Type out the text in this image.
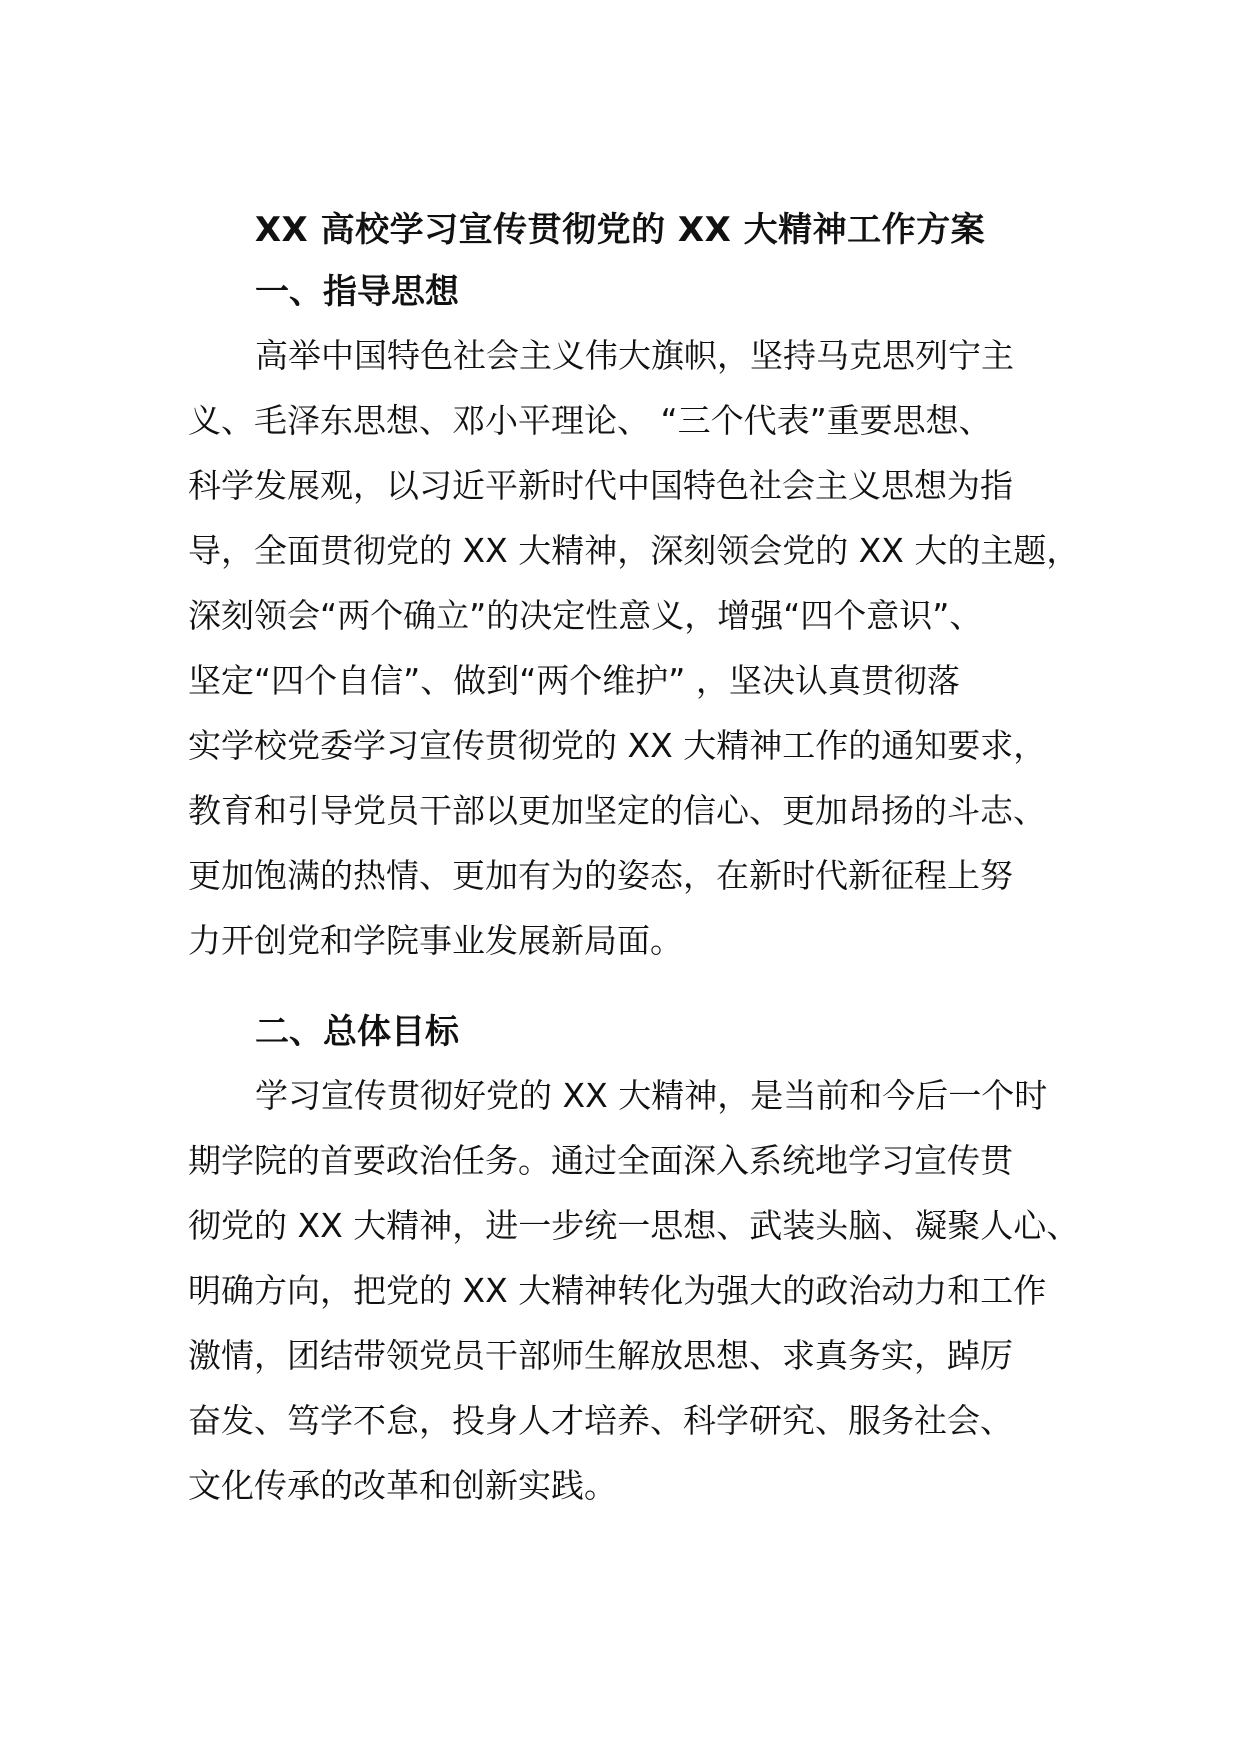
XX 高校学习宣传贯彻党的 XX 大精神工作方案
一、指导思想
高举中国特色社会主义伟大旗帜，坚持马克思列宁主
义、毛泽东思想、邓小平理论、 “三个代表”重要思想、
科学发展观，以习近平新时代中国特色社会主义思想为指
导，全面贯彻党的 XX 大精神，深刻领会党的 XX 大的主题，
深刻领会“两个确立”的决定性意义，增强“四个意识”、
坚定“四个自信”、做到“两个维护” ，坚决认真贯彻落
实学校党委学习宣传贯彻党的 XX 大精神工作的通知要求，
教育和引导党员干部以更加坚定的信心、更加昂扬的斗志、
更加饱满的热情、更加有为的姿态，在新时代新征程上努
力开创党和学院事业发展新局面。
二、总体目标
学习宣传贯彻好党的 XX 大精神，是当前和今后一个时
期学院的首要政治任务。通过全面深入系统地学习宣传贯
彻党的 XX 大精神，进一步统一思想、武装头脑、凝聚人心、
明确方向，把党的 XX 大精神转化为强大的政治动力和工作
激情，团结带领党员干部师生解放思想、求真务实，踔厉
奋发、笃学不怠，投身人才培养、科学研究、服务社会、
文化传承的改革和创新实践。
